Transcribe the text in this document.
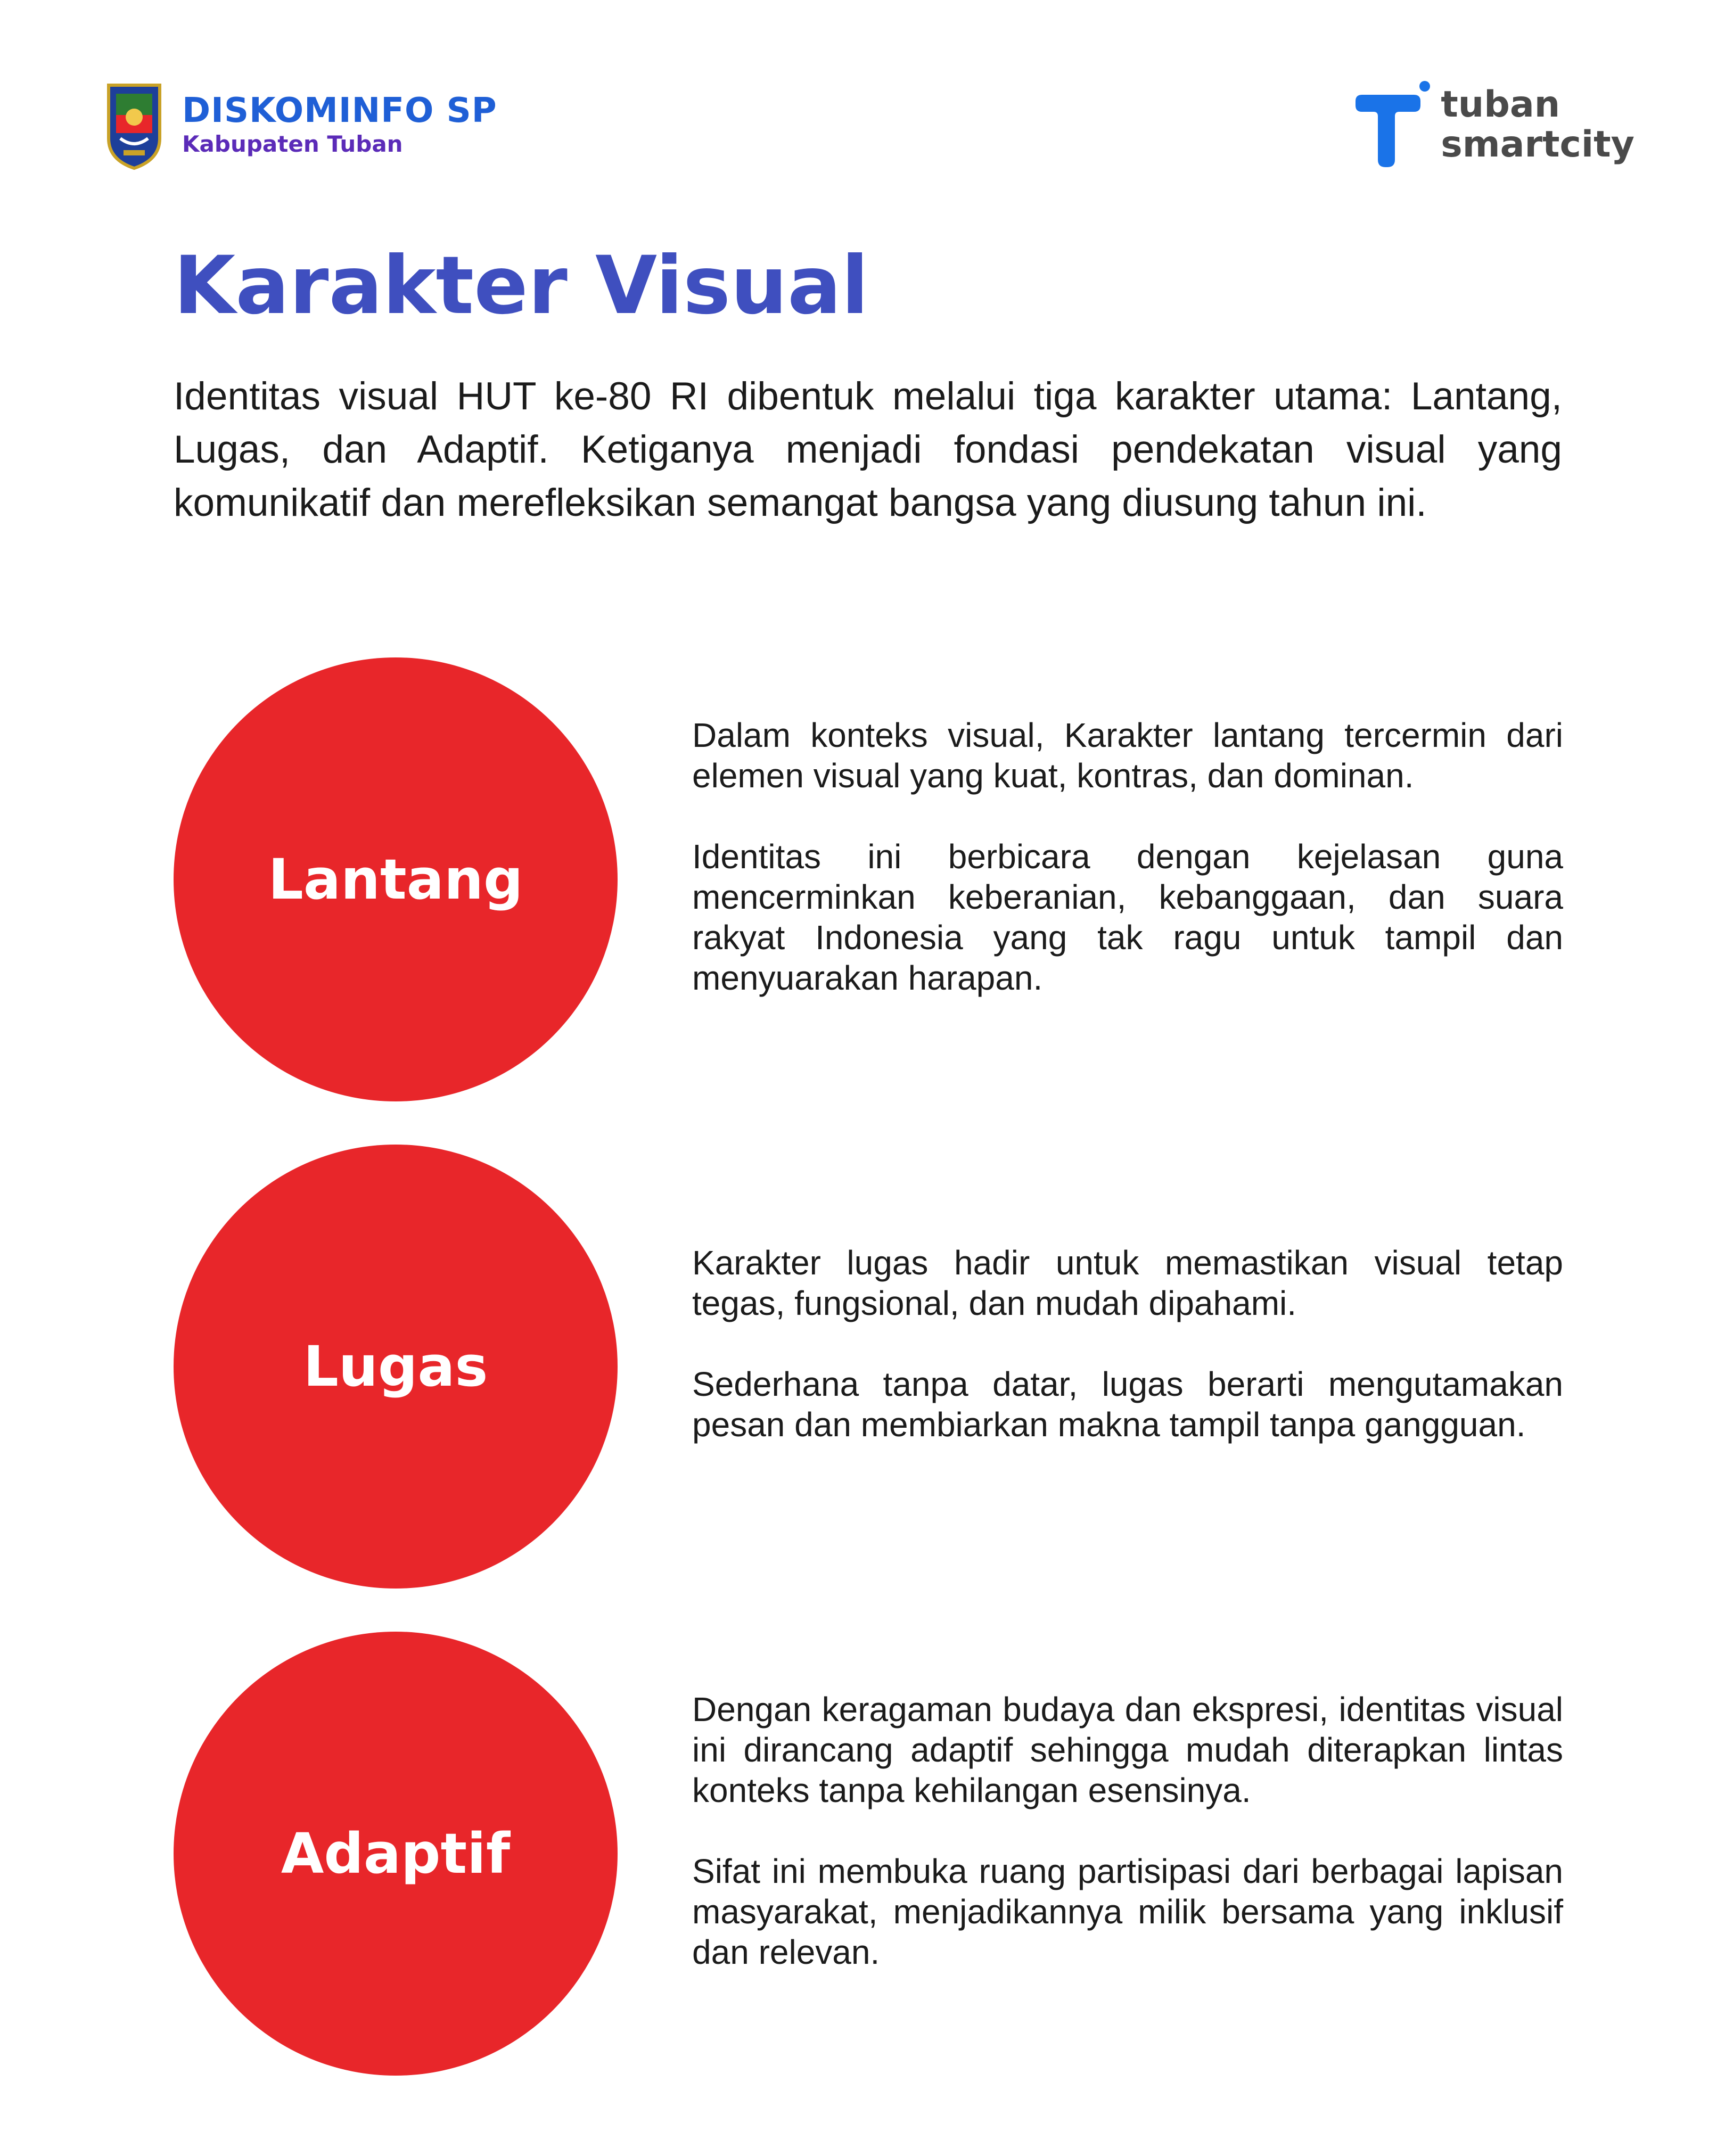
DISKOMINFO SP
Kabupaten Tuban
tuban
smartcity
Karakter Visual

Identitas visual HUT ke-80 RI dibentuk melalui tiga karakter utama: Lantang, Lugas, dan Adaptif. Ketiganya menjadi fondasi pendekatan visual yang komunikatif dan merefleksikan semangat bangsa yang diusung tahun ini.

Lantang

Dalam konteks visual, Karakter lantang tercermin dari elemen visual yang kuat, kontras, dan dominan.

Identitas ini berbicara dengan kejelasan guna mencerminkan keberanian, kebanggaan, dan suara rakyat Indonesia yang tak ragu untuk tampil dan menyuarakan harapan.

Lugas

Karakter lugas hadir untuk memastikan visual tetap tegas, fungsional, dan mudah dipahami.

Sederhana tanpa datar, lugas berarti mengutamakan pesan dan membiarkan makna tampil tanpa gangguan.

Adaptif

Dengan keragaman budaya dan ekspresi, identitas visual ini dirancang adaptif sehingga mudah diterapkan lintas konteks tanpa kehilangan esensinya.

Sifat ini membuka ruang partisipasi dari berbagai lapisan masyarakat, menjadikannya milik bersama yang inklusif dan relevan.
